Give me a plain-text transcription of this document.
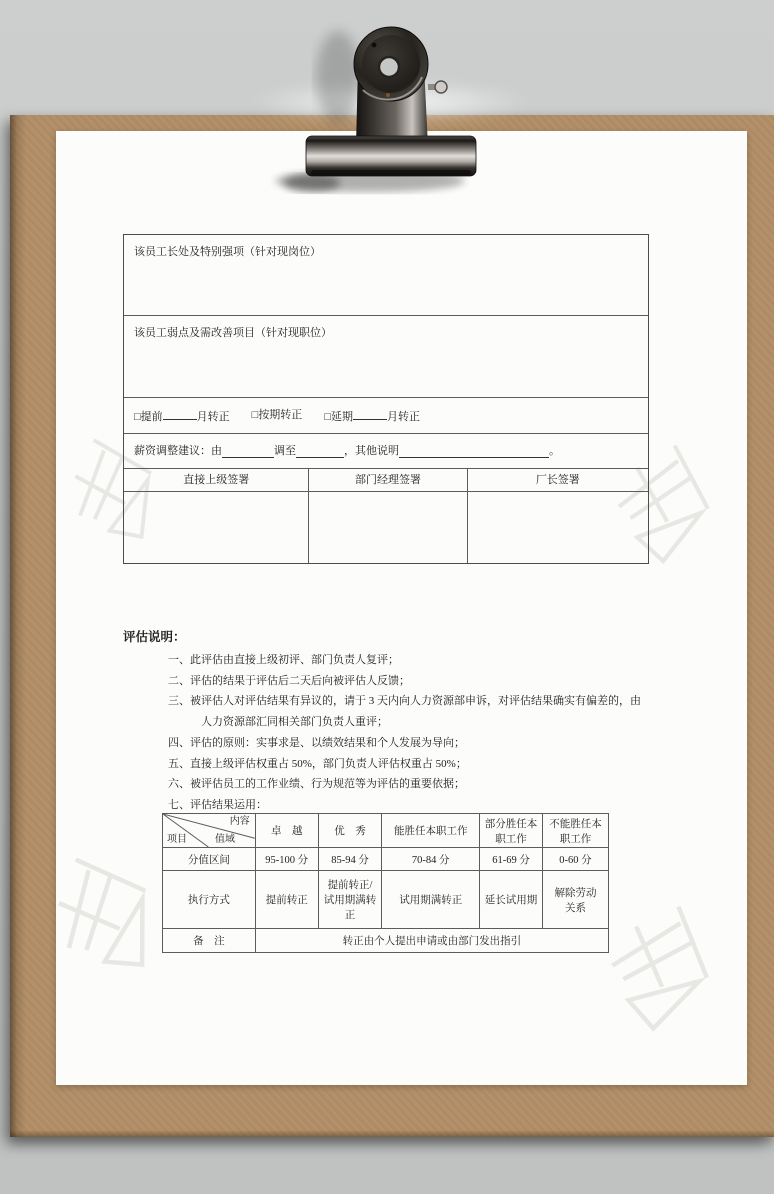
该员工长处及特别强项（针对现岗位）
该员工弱点及需改善项目（针对现职位）
□提前	月转正 □按期转正 □延期	月转正
薪资调整建议：由	调至	，其他说明	。
直接上级签署	部门经理签署	厂长签署
评估说明：
一、此评估由直接上级初评、部门负责人复评；
二、评估的结果于评估后二天后向被评估人反馈；
三、被评估人对评估结果有异议的，请于 3 天内向人力资源部申诉，对评估结果确实有偏差的，由人力资源部汇同相关部门负责人重评；
四、评估的原则：实事求是、以绩效结果和个人发展为导向；
五、直接上级评估权重占 50%，部门负责人评估权重占 50%；
六、被评估员工的工作业绩、行为规范等为评估的重要依据；
七、评估结果运用：
内容
值域
项目	卓　越	优　秀	能胜任本职工作	部分胜任本职工作	不能胜任本职工作
分值区间	95-100 分	85-94 分	70-84 分	61-69 分	0-60 分
执行方式	提前转正	提前转正/试用期满转正	试用期满转正	延长试用期	解除劳动关系
备　注	转正由个人提出申请或由部门发出指引				
